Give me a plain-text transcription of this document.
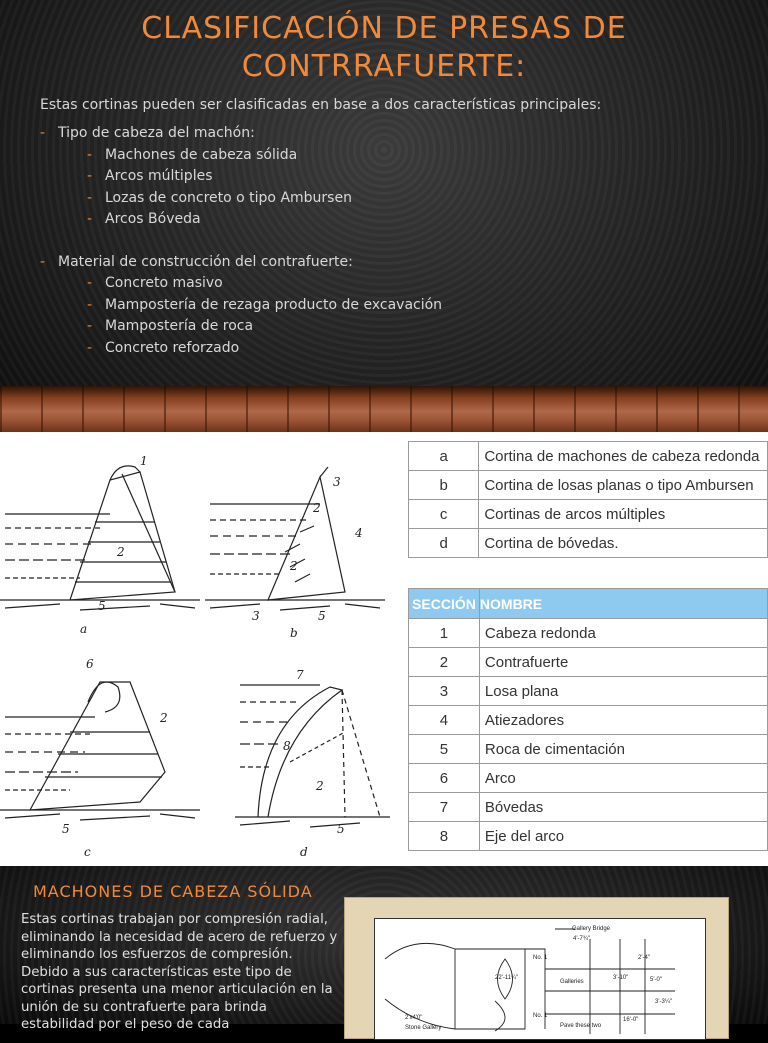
CLASIFICACIÓN DE PRESAS DE CONTRRAFUERTE:

Estas cortinas pueden ser clasificadas en base a dos características principales:

- Tipo de cabeza del machón:
- Machones de cabeza sólida
- Arcos múltiples
- Lozas de concreto o tipo Ambursen
- Arcos Bóveda
- Material de construcción del contrafuerte:
- Concreto masivo
- Mampostería de rezaga producto de excavación
- Mampostería de roca
- Concreto reforzado
1
2
5
a
3
2
4
2
3	5
b
6
2
5
c
7
8
2
5
d
a	Cortina de machones de cabeza redonda
b	Cortina de losas planas o tipo Ambursen
c	Cortinas de arcos múltiples
d	Cortina de bóvedas.
SECCIÓN	NOMBRE
1	Cabeza redonda
2	Contrafuerte
3	Losa plana
4	Atiezadores
5	Roca de cimentación
6	Arco
7	Bóvedas
8	Eje del arco
MACHONES DE CABEZA SÓLIDA

Estas cortinas trabajan por compresión radial, eliminando la necesidad de acero de refuerzo y eliminando los esfuerzos de compresión. Debido a sus características este tipo de cortinas presenta una menor articulación en la unión de su contrafuerte para brinda estabilidad por el peso de cada

Gallery Bridge
4'-7¾"
No. 1
Galleries
No. 1
Pave these two
3'-10"
2'-4"
5'-0"
3'-3¼"
2'x4'0"
Stone Gallery
22'-11¼"
16'-0"
